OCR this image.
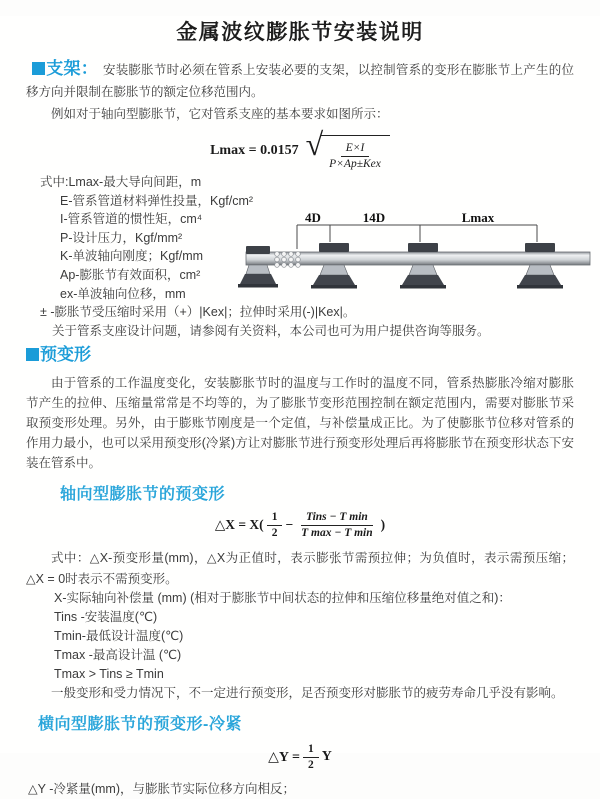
金属波纹膨胀节安装说明

支架： 安装膨胀节时必须在管系上安装必要的支架，以控制管系的变形在膨胀节上产生的位移方向并限制在膨胀节的额定位移范围内。

例如对于轴向型膨胀节，它对管系支座的基本要求如图所示：

Lmax = 0.0157 √ $\frac{E\times I}{\text{P×Ap±Kex}}$
式中:Lmax-最大导向间距，m
E-管系管道材料弹性投量，Kgf/cm²
I-管系管道的惯性矩，cm⁴
P-设计压力，Kgf/mm²
K-单波轴向刚度；Kgf/mm
Ap-膨胀节有效面积，cm²
ex-单波轴向位移，mm
± -膨胀节受压缩时采用（+）|Kex|；拉伸时采用(-)|Kex|。
关于管系支座设计问题，请参阅有关资料，本公司也可为用户提供咨询等服务。
4D	14D	Lmax
预变形

由于管系的工作温度变化，安装膨胀节时的温度与工作时的温度不同，管系热膨胀冷缩对膨胀节产生的拉伸、压缩量常常是不均等的，为了膨胀节变形范围控制在额定范围内，需要对膨胀节采取预变形处理。另外，由于膨账节刚度是一个定值，与补偿量成正比。为了使膨胀节位移对管系的作用力最小，也可以采用预变形(冷紧)方让对膨胀节进行预变形处理后再将膨胀节在预变形状态下安装在管系中。

轴向型膨胀节的预变形
△X = $X( \frac{1}{2} - \frac{\text{Tins − T min}}{\text{T max − T min}}$ )

式中：△X-预变形量(mm)，△X为正值时，表示膨张节需预拉伸；为负值时，表示需预压缩；△X = 0时表示不需预变形。

X-实际轴向补偿量 (mm) (相对于膨胀节中间状态的拉伸和压缩位移量绝对值之和)：
Tins -安装温度(℃)
Tmin-最低设计温度(℃)
Tmax -最高设计温 (℃)
Tmax > Tins ≥ Tmin
一般变形和受力情况下，不一定进行预变形，足否预变形对膨胀节的疲劳寿命几乎没有影响。
横向型膨胀节的预变形-冷紧
△Y = $\frac{1}{2}$ Y
△Y -冷紧量(mm)，与膨胀节实际位移方向相反；
